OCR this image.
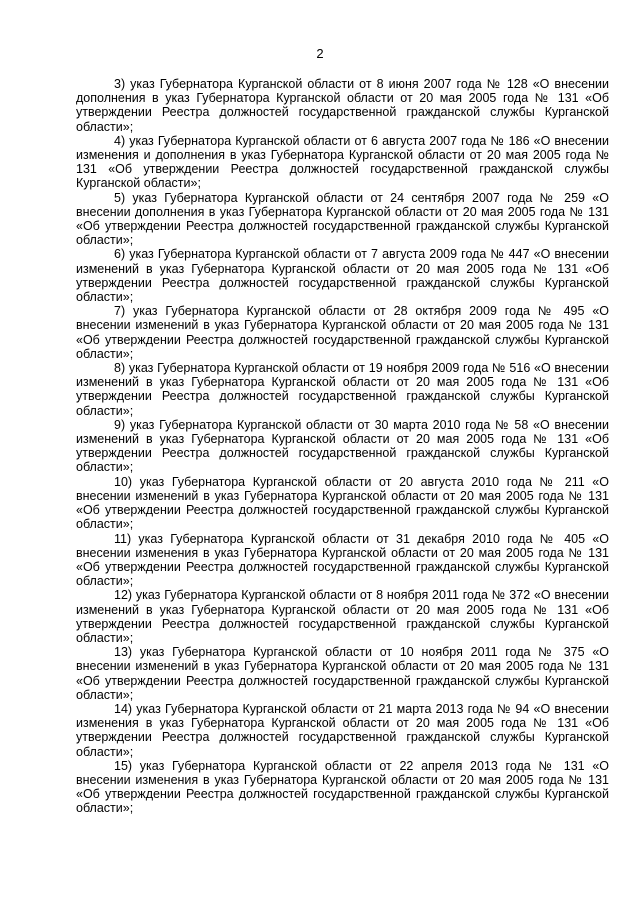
2

3) указ Губернатора Курганской области от 8 июня 2007 года № 128 «О внесении дополнения в указ Губернатора Курганской области от 20 мая 2005 года № 131 «Об утверждении Реестра должностей государственной гражданской службы Курганской области»;

4) указ Губернатора Курганской области от 6 августа 2007 года № 186 «О внесении изменения и дополнения в указ Губернатора Курганской области от 20 мая 2005 года № 131 «Об утверждении Реестра должностей государственной гражданской службы Курганской области»;

5) указ Губернатора Курганской области от 24 сентября 2007 года № 259 «О внесении дополнения в указ Губернатора Курганской области от 20 мая 2005 года № 131 «Об утверждении Реестра должностей государственной гражданской службы Курганской области»;

6) указ Губернатора Курганской области от 7 августа 2009 года № 447 «О внесении изменений в указ Губернатора Курганской области от 20 мая 2005 года № 131 «Об утверждении Реестра должностей государственной гражданской службы Курганской области»;

7) указ Губернатора Курганской области от 28 октября 2009 года № 495 «О внесении изменений в указ Губернатора Курганской области от 20 мая 2005 года № 131 «Об утверждении Реестра должностей государственной гражданской службы Курганской области»;

8) указ Губернатора Курганской области от 19 ноября 2009 года № 516 «О внесении изменений в указ Губернатора Курганской области от 20 мая 2005 года № 131 «Об утверждении Реестра должностей государственной гражданской службы Курганской области»;

9) указ Губернатора Курганской области от 30 марта 2010 года № 58 «О внесении изменений в указ Губернатора Курганской области от 20 мая 2005 года № 131 «Об утверждении Реестра должностей государственной гражданской службы Курганской области»;

10) указ Губернатора Курганской области от 20 августа 2010 года № 211 «О внесении изменений в указ Губернатора Курганской области от 20 мая 2005 года № 131 «Об утверждении Реестра должностей государственной гражданской службы Курганской области»;

11) указ Губернатора Курганской области от 31 декабря 2010 года № 405 «О внесении изменения в указ Губернатора Курганской области от 20 мая 2005 года № 131 «Об утверждении Реестра должностей государственной гражданской службы Курганской области»;

12) указ Губернатора Курганской области от 8 ноября 2011 года № 372 «О внесении изменений в указ Губернатора Курганской области от 20 мая 2005 года № 131 «Об утверждении Реестра должностей государственной гражданской службы Курганской области»;

13) указ Губернатора Курганской области от 10 ноября 2011 года № 375 «О внесении изменений в указ Губернатора Курганской области от 20 мая 2005 года № 131 «Об утверждении Реестра должностей государственной гражданской службы Курганской области»;

14) указ Губернатора Курганской области от 21 марта 2013 года № 94 «О внесении изменения в указ Губернатора Курганской области от 20 мая 2005 года № 131 «Об утверждении Реестра должностей государственной гражданской службы Курганской области»;

15) указ Губернатора Курганской области от 22 апреля 2013 года № 131 «О внесении изменения в указ Губернатора Курганской области от 20 мая 2005 года № 131 «Об утверждении Реестра должностей государственной гражданской службы Курганской области»;
